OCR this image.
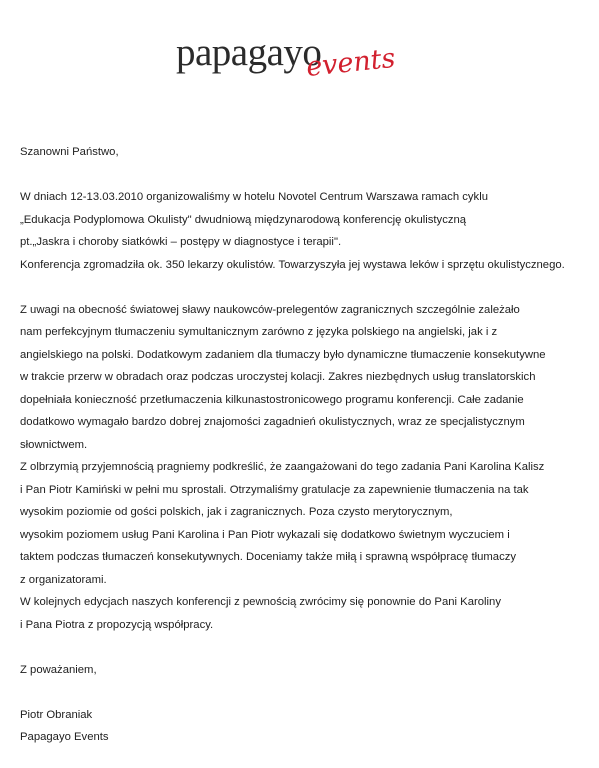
papagayo
events
Szanowni Państwo,
W dniach 12-13.03.2010 organizowaliśmy w hotelu Novotel Centrum Warszawa ramach cyklu
„Edukacja Podyplomowa Okulisty" dwudniową międzynarodową konferencję okulistyczną
pt.„Jaskra i choroby siatkówki – postępy w diagnostyce i terapii".
Konferencja zgromadziła ok. 350 lekarzy okulistów. Towarzyszyła jej wystawa leków i sprzętu okulistycznego.
Z uwagi na obecność światowej sławy naukowców-prelegentów zagranicznych szczególnie zależało
nam perfekcyjnym tłumaczeniu symultanicznym zarówno z języka polskiego na angielski, jak i z
angielskiego na polski. Dodatkowym zadaniem dla tłumaczy było dynamiczne tłumaczenie konsekutywne
w trakcie przerw w obradach oraz podczas uroczystej kolacji. Zakres niezbędnych usług translatorskich
dopełniała konieczność przetłumaczenia kilkunastostronicowego programu konferencji. Całe zadanie
dodatkowo wymagało bardzo dobrej znajomości zagadnień okulistycznych, wraz ze specjalistycznym
słownictwem.
Z olbrzymią przyjemnością pragniemy podkreślić, że zaangażowani do tego zadania Pani Karolina Kalisz
i Pan Piotr Kamiński w pełni mu sprostali. Otrzymaliśmy gratulacje za zapewnienie tłumaczenia na tak
wysokim poziomie od gości polskich, jak i zagranicznych. Poza czysto merytorycznym,
wysokim poziomem usług Pani Karolina i Pan Piotr wykazali się dodatkowo świetnym wyczuciem i
taktem podczas tłumaczeń konsekutywnych. Doceniamy także miłą i sprawną współpracę tłumaczy
z organizatorami.
W kolejnych edycjach naszych konferencji z pewnością zwrócimy się ponownie do Pani Karoliny
i Pana Piotra z propozycją współpracy.
Z poważaniem,
Piotr Obraniak
Papagayo Events
